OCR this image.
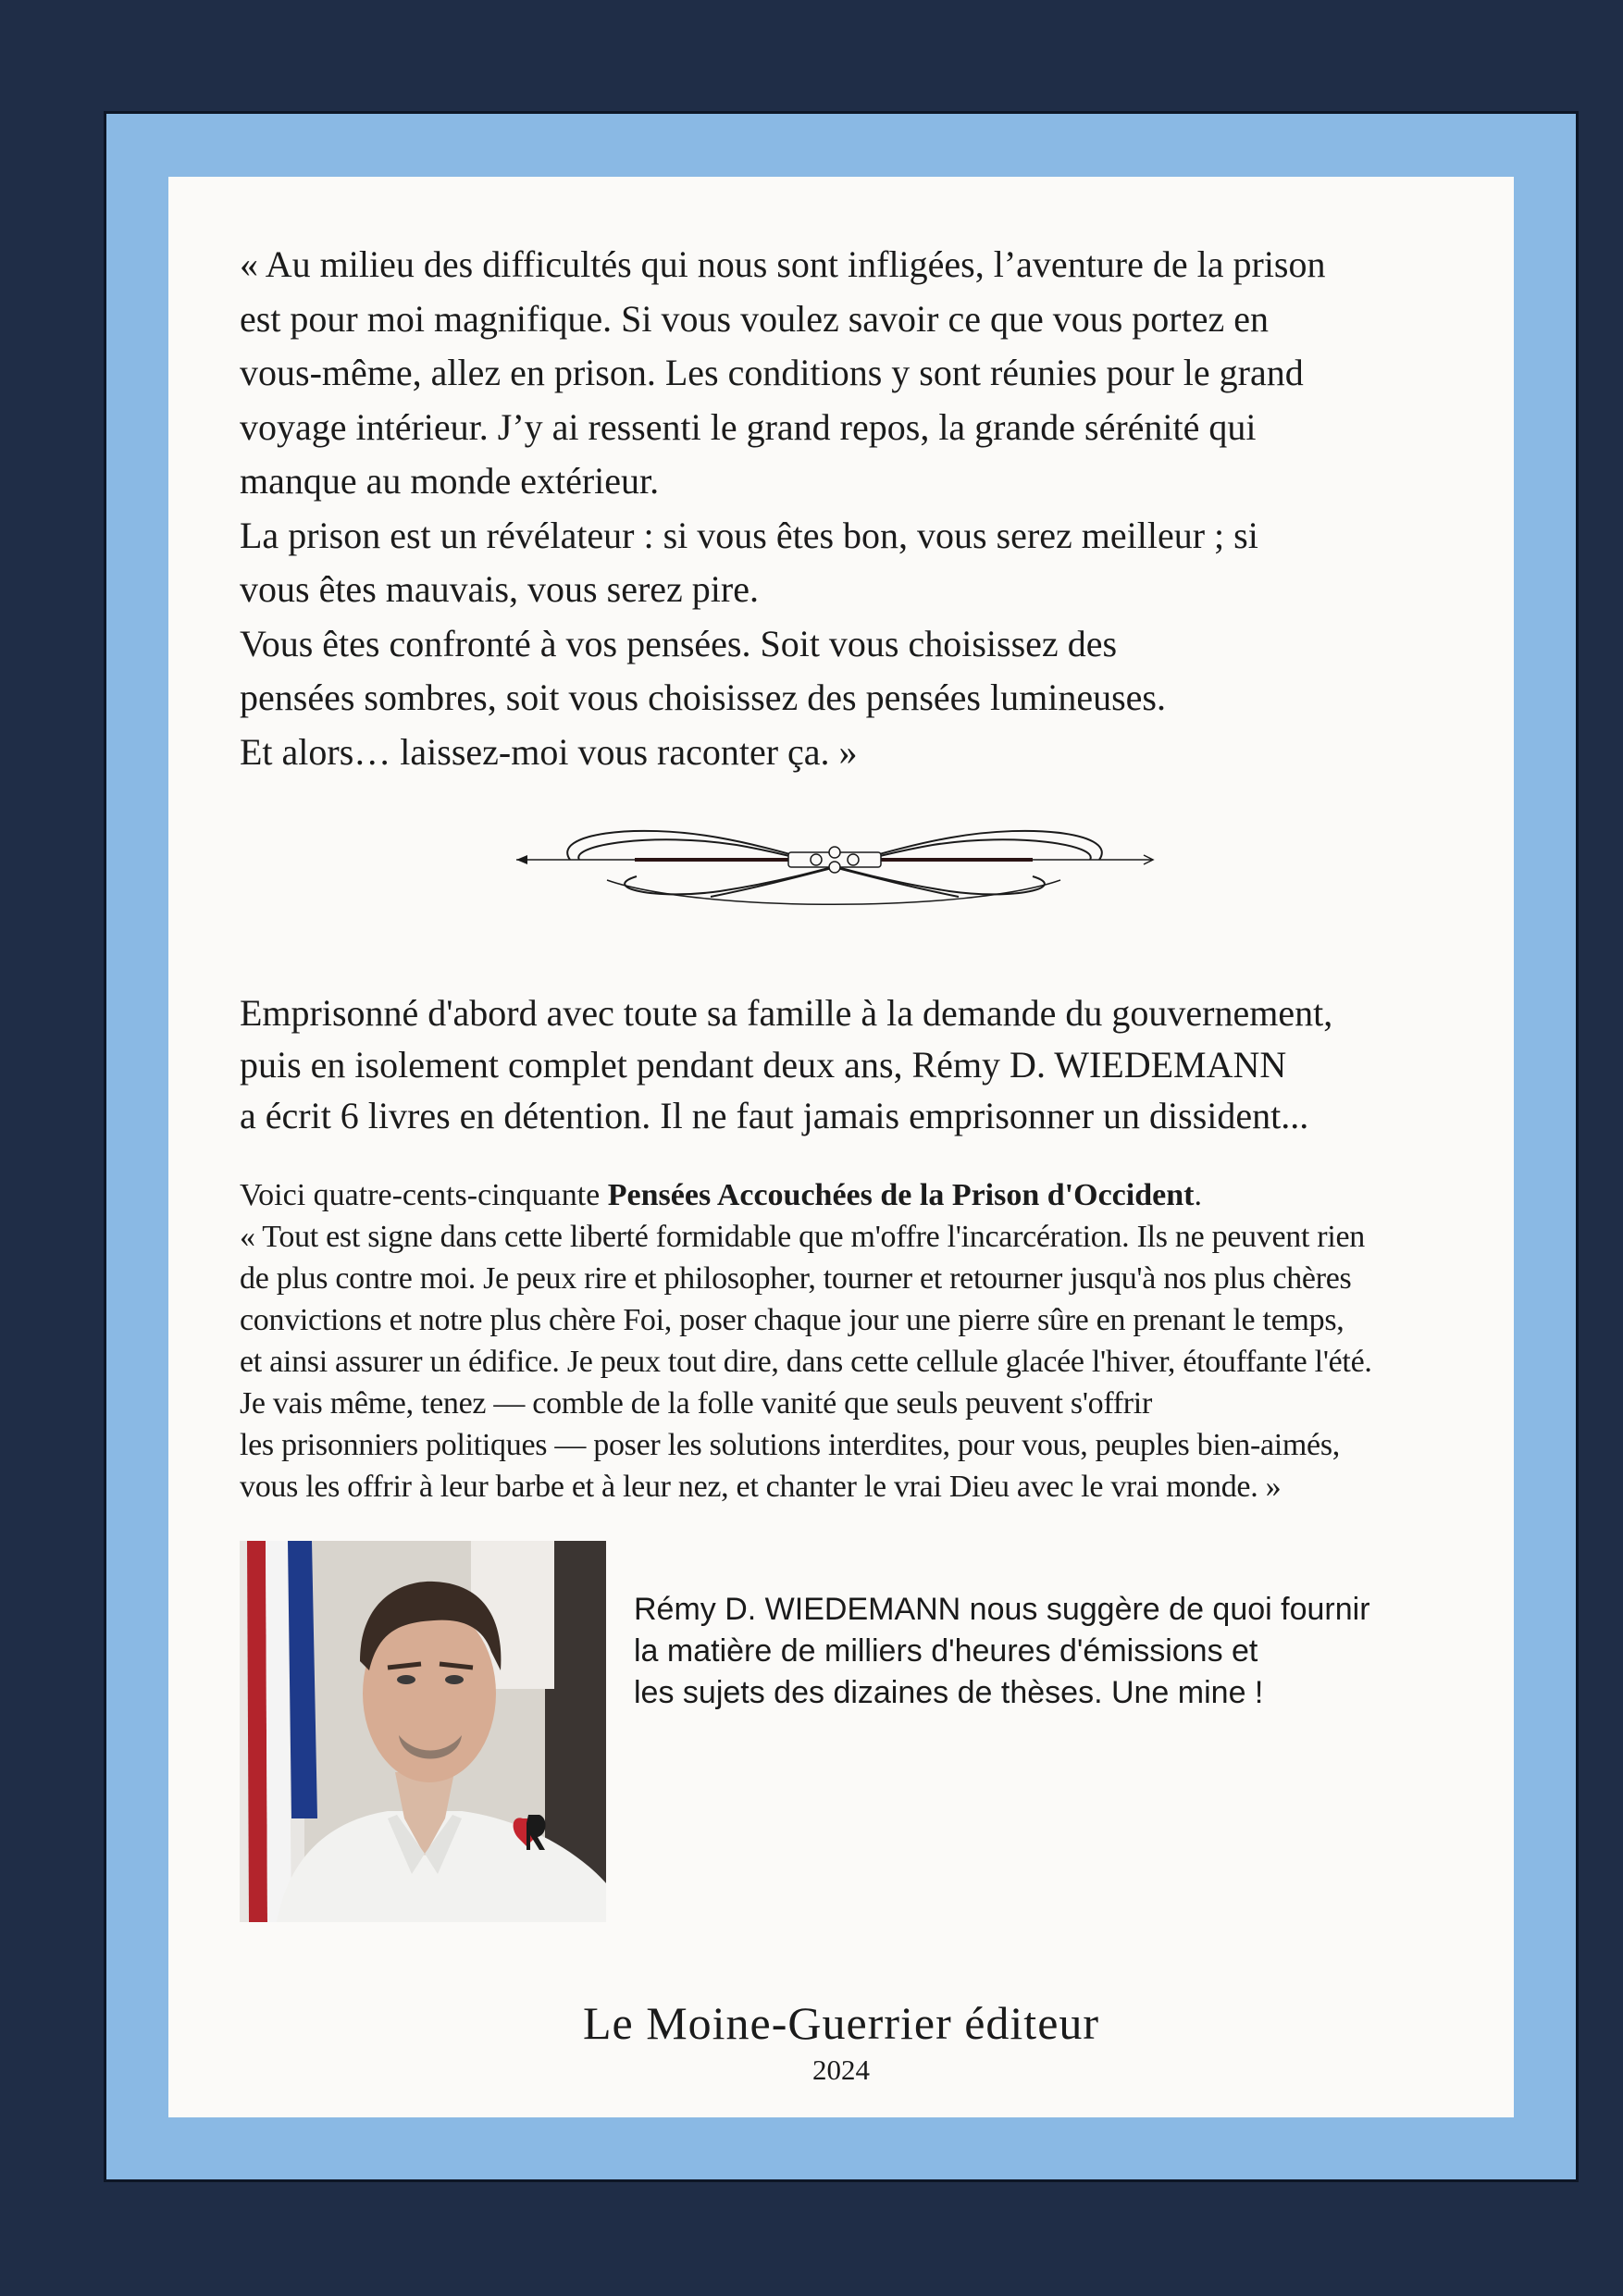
« Au milieu des difficultés qui nous sont infligées, l’aventure de la prison
est pour moi magnifique. Si vous voulez savoir ce que vous portez en
vous-même, allez en prison. Les conditions y sont réunies pour le grand
voyage intérieur. J’y ai ressenti le grand repos, la grande sérénité qui
manque au monde extérieur.

La prison est un révélateur : si vous êtes bon, vous serez meilleur ; si
vous êtes mauvais, vous serez pire.

Vous êtes confronté à vos pensées. Soit vous choisissez des
pensées sombres, soit vous choisissez des pensées lumineuses.

Et alors… laissez-moi vous raconter ça. »

Emprisonné d'abord avec toute sa famille à la demande du gouvernement,
puis en isolement complet pendant deux ans, Rémy D. WIEDEMANN
a écrit 6 livres en détention. Il ne faut jamais emprisonner un dissident...
Voici quatre-cents-cinquante Pensées Accouchées de la Prison d'Occident.
« Tout est signe dans cette liberté formidable que m'offre l'incarcération. Ils ne peuvent rien
de plus contre moi. Je peux rire et philosopher, tourner et retourner jusqu'à nos plus chères
convictions et notre plus chère Foi, poser chaque jour une pierre sûre en prenant le temps,
et ainsi assurer un édifice. Je peux tout dire, dans cette cellule glacée l'hiver, étouffante l'été.
Je vais même, tenez — comble de la folle vanité que seuls peuvent s'offrir
les prisonniers politiques — poser les solutions interdites, pour vous, peuples bien-aimés,
vous les offrir à leur barbe et à leur nez, et chanter le vrai Dieu avec le vrai monde. »
Rémy D. WIEDEMANN nous suggère de quoi fournir
la matière de milliers d'heures d'émissions et
les sujets des dizaines de thèses. Une mine !
Le Moine-Guerrier éditeur
2024
